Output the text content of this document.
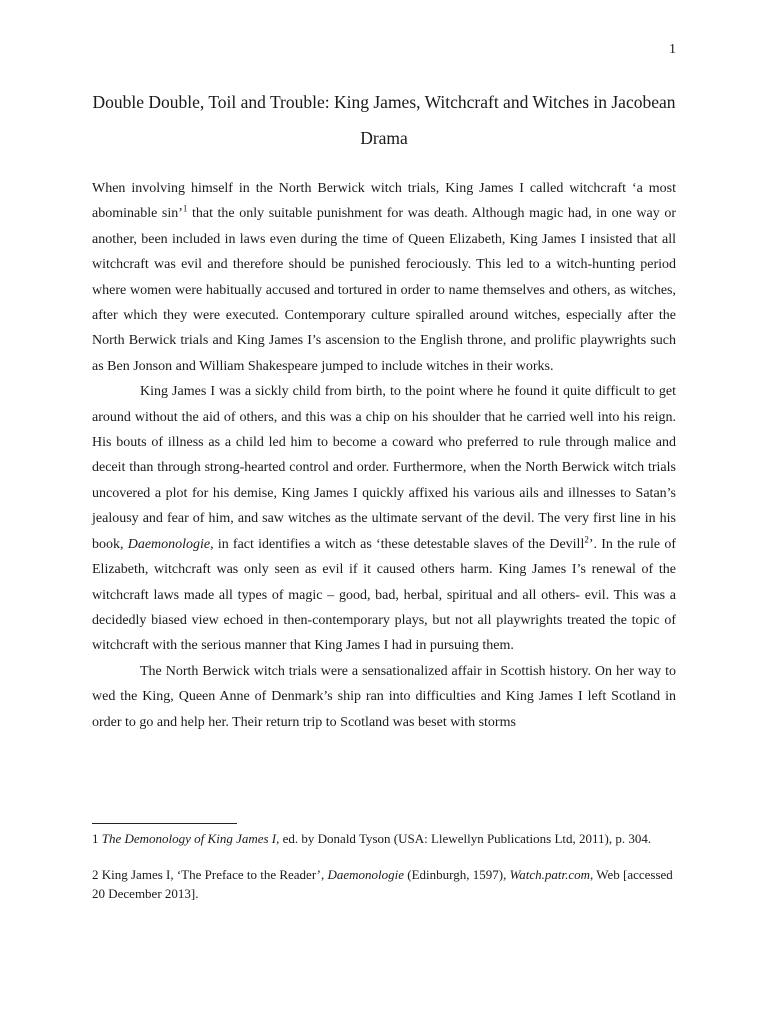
1
Double Double, Toil and Trouble: King James, Witchcraft and Witches in Jacobean Drama

When involving himself in the North Berwick witch trials, King James I called witchcraft ‘a most abominable sin’$^1$ that the only suitable punishment for was death. Although magic had, in one way or another, been included in laws even during the time of Queen Elizabeth, King James I insisted that all witchcraft was evil and therefore should be punished ferociously. This led to a witch-hunting period where women were habitually accused and tortured in order to name themselves and others, as witches, after which they were executed. Contemporary culture spiralled around witches, especially after the North Berwick trials and King James I’s ascension to the English throne, and prolific playwrights such as Ben Jonson and William Shakespeare jumped to include witches in their works.

King James I was a sickly child from birth, to the point where he found it quite difficult to get around without the aid of others, and this was a chip on his shoulder that he carried well into his reign. His bouts of illness as a child led him to become a coward who preferred to rule through malice and deceit than through strong-hearted control and order. Furthermore, when the North Berwick witch trials uncovered a plot for his demise, King James I quickly affixed his various ails and illnesses to Satan’s jealousy and fear of him, and saw witches as the ultimate servant of the devil. The very first line in his book, Daemonologie, in fact identifies a witch as ‘these detestable slaves of the Devill$^2$’. In the rule of Elizabeth, witchcraft was only seen as evil if it caused others harm. King James I’s renewal of the witchcraft laws made all types of magic – good, bad, herbal, spiritual and all others- evil. This was a decidedly biased view echoed in then-contemporary plays, but not all playwrights treated the topic of witchcraft with the serious manner that King James I had in pursuing them.

The North Berwick witch trials were a sensationalized affair in Scottish history. On her way to wed the King, Queen Anne of Denmark’s ship ran into difficulties and King James I left Scotland in order to go and help her. Their return trip to Scotland was beset with storms

1 The Demonology of King James I, ed. by Donald Tyson (USA: Llewellyn Publications Ltd, 2011), p. 304.

2 King James I, ‘The Preface to the Reader’, Daemonologie (Edinburgh, 1597), Watch.patr.com, Web [accessed 20 December 2013].
